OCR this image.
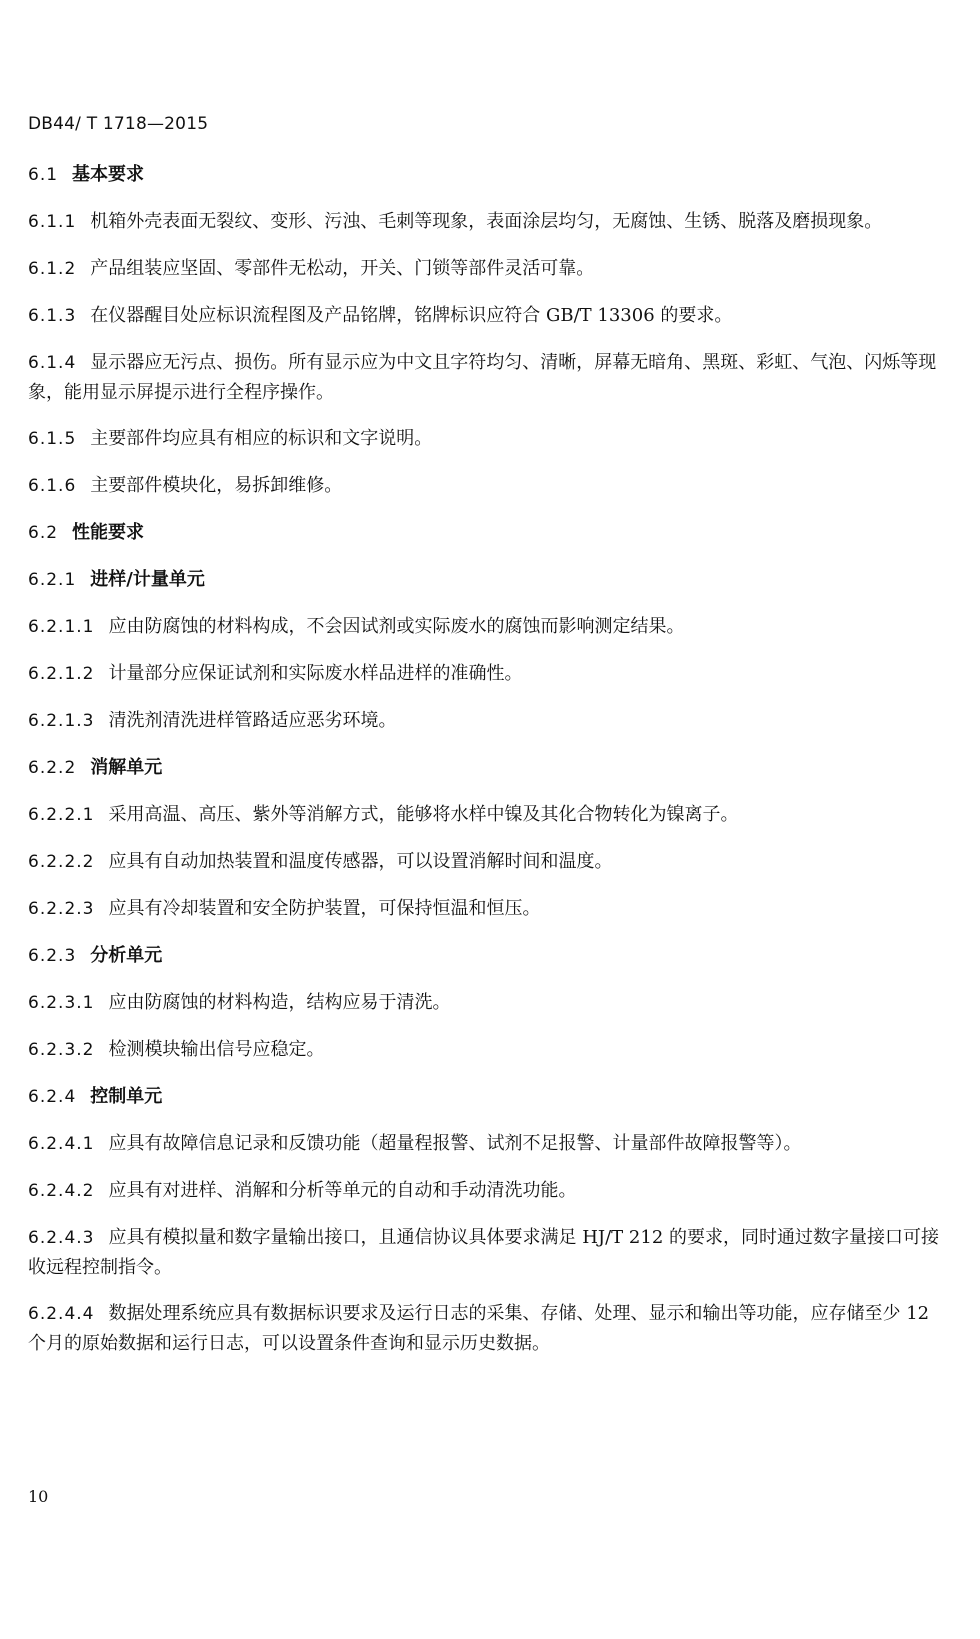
DB44/ T 1718—2015
6.1 基本要求
6.1.1 机箱外壳表面无裂纹、变形、污浊、毛刺等现象，表面涂层均匀，无腐蚀、生锈、脱落及磨损现象。
6.1.2 产品组装应坚固、零部件无松动，开关、门锁等部件灵活可靠。
6.1.3 在仪器醒目处应标识流程图及产品铭牌，铭牌标识应符合 GB/T 13306 的要求。
6.1.4 显示器应无污点、损伤。所有显示应为中文且字符均匀、清晰，屏幕无暗角、黑斑、彩虹、气泡、闪烁等现象，能用显示屏提示进行全程序操作。
6.1.5 主要部件均应具有相应的标识和文字说明。
6.1.6 主要部件模块化，易拆卸维修。
6.2 性能要求
6.2.1 进样/计量单元
6.2.1.1 应由防腐蚀的材料构成，不会因试剂或实际废水的腐蚀而影响测定结果。
6.2.1.2 计量部分应保证试剂和实际废水样品进样的准确性。
6.2.1.3 清洗剂清洗进样管路适应恶劣环境。
6.2.2 消解单元
6.2.2.1 采用高温、高压、紫外等消解方式，能够将水样中镍及其化合物转化为镍离子。
6.2.2.2 应具有自动加热装置和温度传感器，可以设置消解时间和温度。
6.2.2.3 应具有冷却装置和安全防护装置，可保持恒温和恒压。
6.2.3 分析单元
6.2.3.1 应由防腐蚀的材料构造，结构应易于清洗。
6.2.3.2 检测模块输出信号应稳定。
6.2.4 控制单元
6.2.4.1 应具有故障信息记录和反馈功能（超量程报警、试剂不足报警、计量部件故障报警等）。
6.2.4.2 应具有对进样、消解和分析等单元的自动和手动清洗功能。
6.2.4.3 应具有模拟量和数字量输出接口，且通信协议具体要求满足 HJ/T 212 的要求，同时通过数字量接口可接收远程控制指令。
6.2.4.4 数据处理系统应具有数据标识要求及运行日志的采集、存储、处理、显示和输出等功能，应存储至少 12 个月的原始数据和运行日志，可以设置条件查询和显示历史数据。
10
